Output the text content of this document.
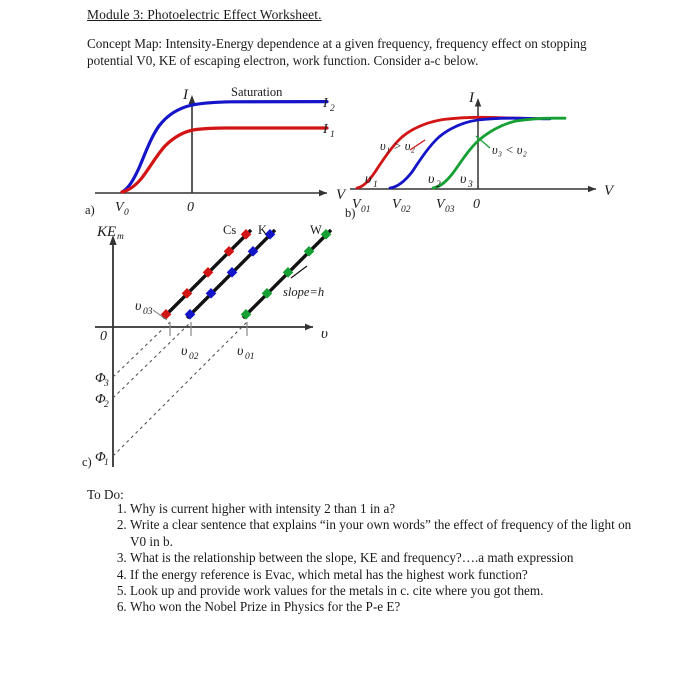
Module 3: Photoelectric Effect Worksheet.
Concept Map: Intensity-Energy dependence at a given frequency, frequency effect on stopping potential V0, KE of escaping electron, work function. Consider a-c below.
a)
I
V
Saturation
I 2
I 1
V 0	0	b)
I
V
υ 1	υ 2 υ 3
υ₁ > υ₂	υ₃ < υ₂
V 01 V 02 V 03 0
c)
Cs K	W
slope=h
KE m
υ
0
υ 03
υ 02	υ 01
Φ
3
Φ
2
Φ
1
To Do:
1. Why is current higher with intensity 2 than 1 in a?
2. Write a clear sentence that explains “in your own words” the effect of frequency of the light on V0 in b.
3. What is the relationship between the slope, KE and frequency?….a math expression
4. If the energy reference is Evac, which metal has the highest work function?
5. Look up and provide work values for the metals in c. cite where you got them.
6. Who won the Nobel Prize in Physics for the P-e E?
